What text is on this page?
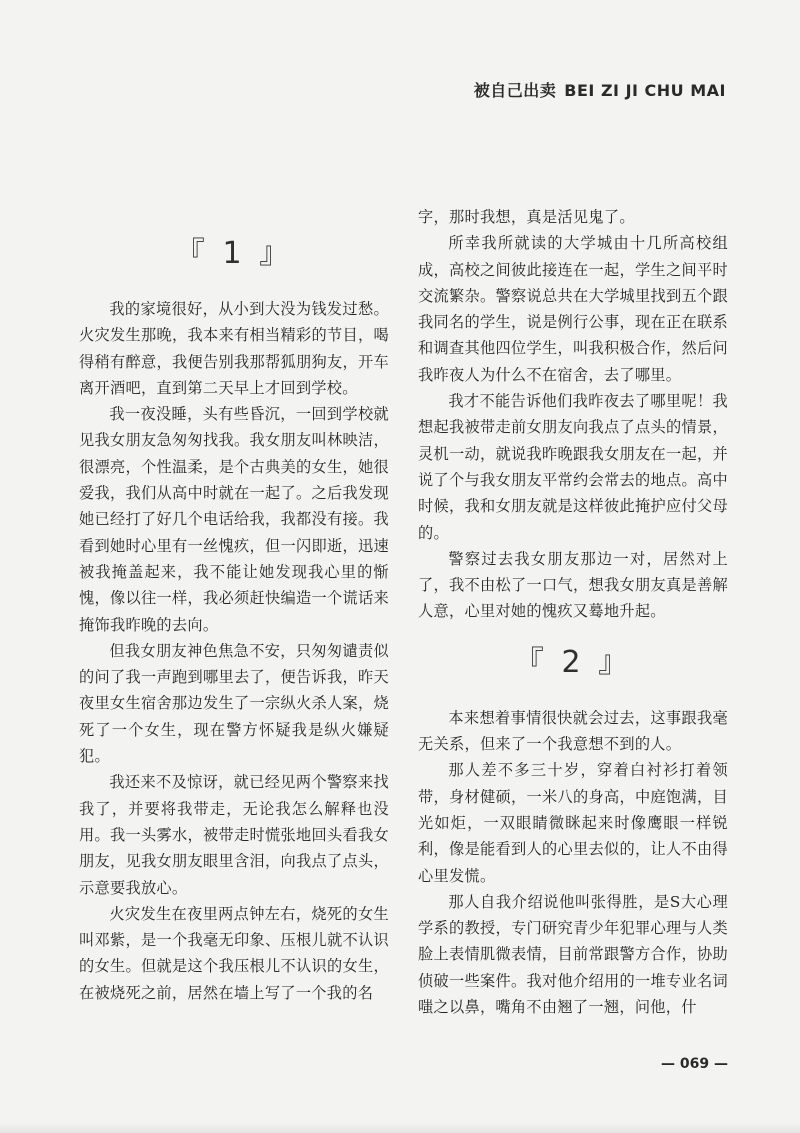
被自己出卖 BEI ZI JI CHU MAI
『 1 』

我的家境很好，从小到大没为钱发过愁。火灾发生那晚，我本来有相当精彩的节目，喝得稍有醉意，我便告别我那帮狐朋狗友，开车离开酒吧，直到第二天早上才回到学校。

我一夜没睡，头有些昏沉，一回到学校就见我女朋友急匆匆找我。我女朋友叫林映洁，很漂亮，个性温柔，是个古典美的女生，她很爱我，我们从高中时就在一起了。之后我发现她已经打了好几个电话给我，我都没有接。我看到她时心里有一丝愧疚，但一闪即逝，迅速被我掩盖起来，我不能让她发现我心里的惭愧，像以往一样，我必须赶快编造一个谎话来掩饰我昨晚的去向。

但我女朋友神色焦急不安，只匆匆谴责似的问了我一声跑到哪里去了，便告诉我，昨天夜里女生宿舍那边发生了一宗纵火杀人案，烧死了一个女生，现在警方怀疑我是纵火嫌疑犯。

我还来不及惊讶，就已经见两个警察来找我了，并要将我带走，无论我怎么解释也没用。我一头雾水，被带走时慌张地回头看我女朋友，见我女朋友眼里含泪，向我点了点头，示意要我放心。

火灾发生在夜里两点钟左右，烧死的女生叫邓紫，是一个我毫无印象、压根儿就不认识的女生。但就是这个我压根儿不认识的女生，在被烧死之前，居然在墙上写了一个我的名

字，那时我想，真是活见鬼了。

所幸我所就读的大学城由十几所高校组成，高校之间彼此接连在一起，学生之间平时交流繁杂。警察说总共在大学城里找到五个跟我同名的学生，说是例行公事，现在正在联系和调查其他四位学生，叫我积极合作，然后问我昨夜人为什么不在宿舍，去了哪里。

我才不能告诉他们我昨夜去了哪里呢！我想起我被带走前女朋友向我点了点头的情景，灵机一动，就说我昨晚跟我女朋友在一起，并说了个与我女朋友平常约会常去的地点。高中时候，我和女朋友就是这样彼此掩护应付父母的。

警察过去我女朋友那边一对，居然对上了，我不由松了一口气，想我女朋友真是善解人意，心里对她的愧疚又蓦地升起。

『 2 』

本来想着事情很快就会过去，这事跟我毫无关系，但来了一个我意想不到的人。

那人差不多三十岁，穿着白衬衫打着领带，身材健硕，一米八的身高，中庭饱满，目光如炬，一双眼睛微眯起来时像鹰眼一样锐利，像是能看到人的心里去似的，让人不由得心里发慌。

那人自我介绍说他叫张得胜，是S大心理学系的教授，专门研究青少年犯罪心理与人类脸上表情肌微表情，目前常跟警方合作，协助侦破一些案件。我对他介绍用的一堆专业名词嗤之以鼻，嘴角不由翘了一翘，问他，什

— 069 —
